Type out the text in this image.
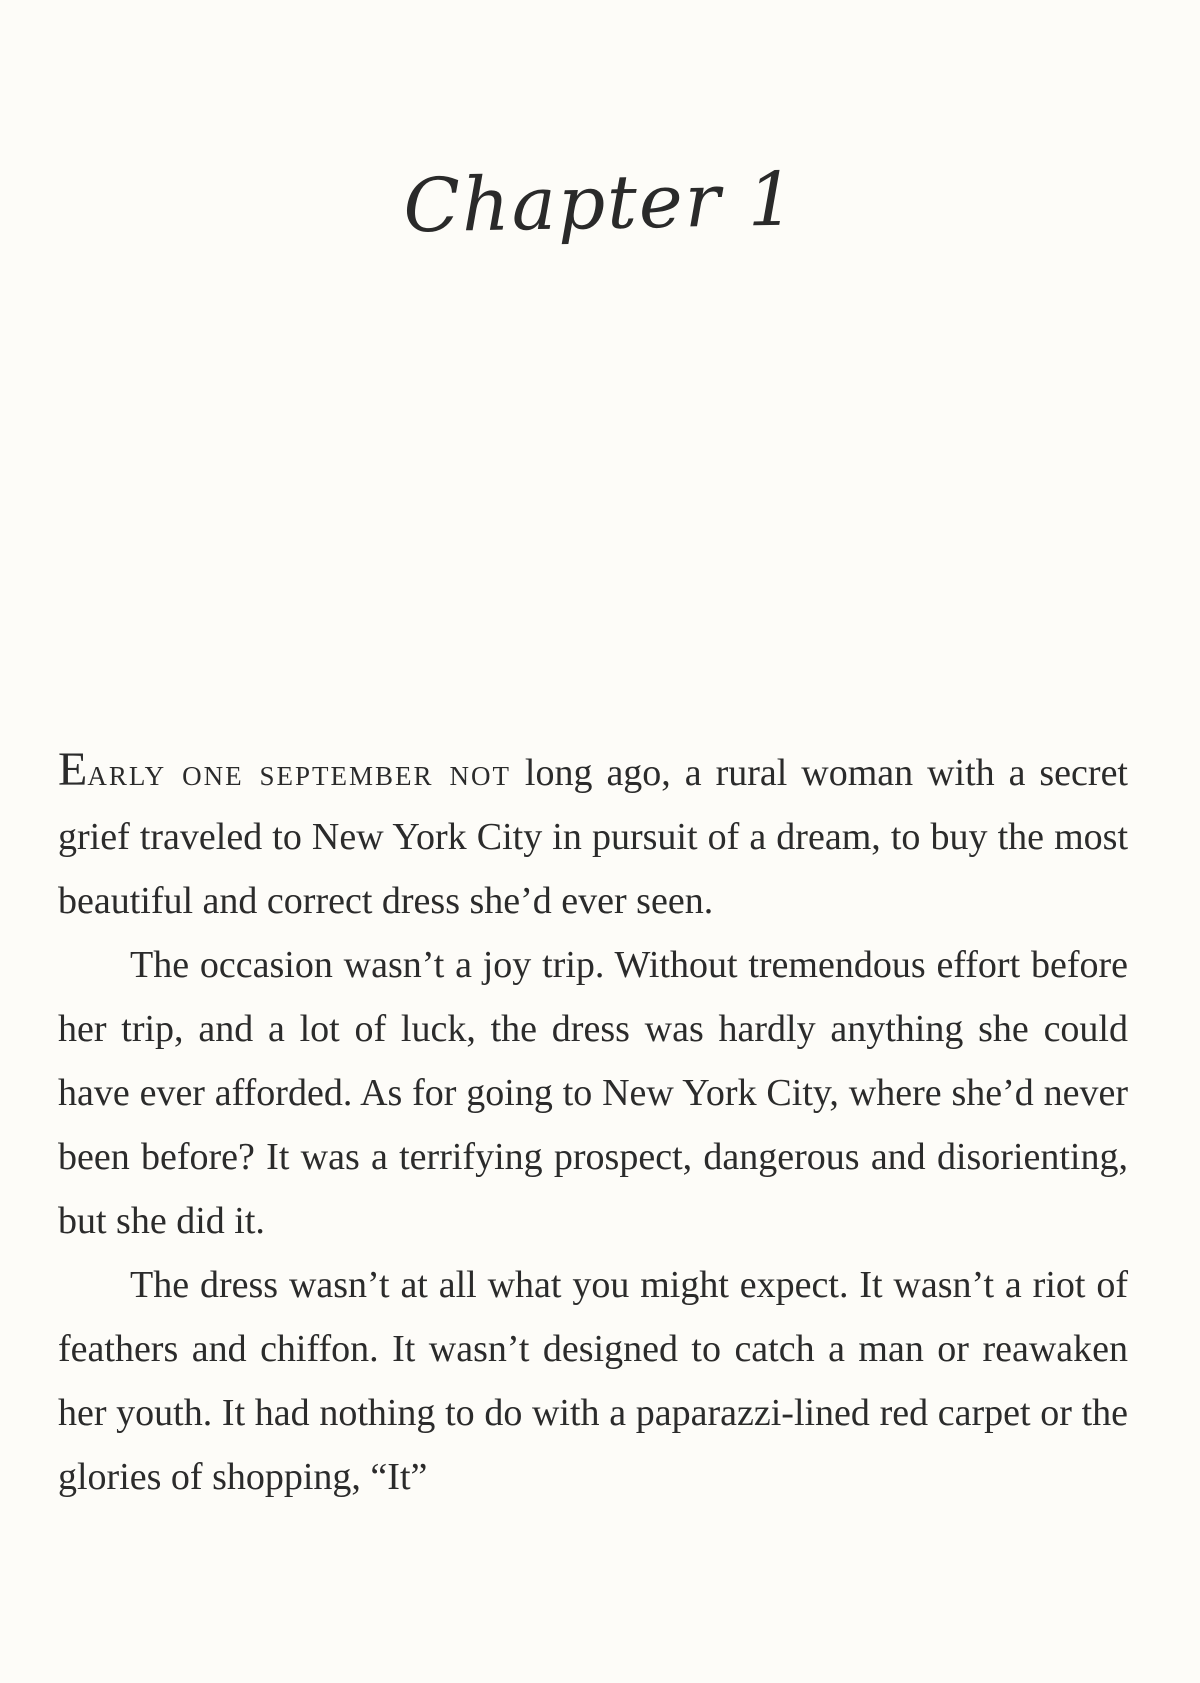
Chapter 1

Early one september not long ago, a rural woman with a secret grief traveled to New York City in pursuit of a dream, to buy the most beautiful and correct dress she’d ever seen.

The occasion wasn’t a joy trip. Without tremendous effort before her trip, and a lot of luck, the dress was hardly anything she could have ever afforded. As for going to New York City, where she’d never been before? It was a terrifying prospect, dangerous and disorienting, but she did it.

The dress wasn’t at all what you might expect. It wasn’t a riot of feathers and chiffon. It wasn’t designed to catch a man or reawaken her youth. It had nothing to do with a paparazzi-lined red carpet or the glories of shopping, “It”
